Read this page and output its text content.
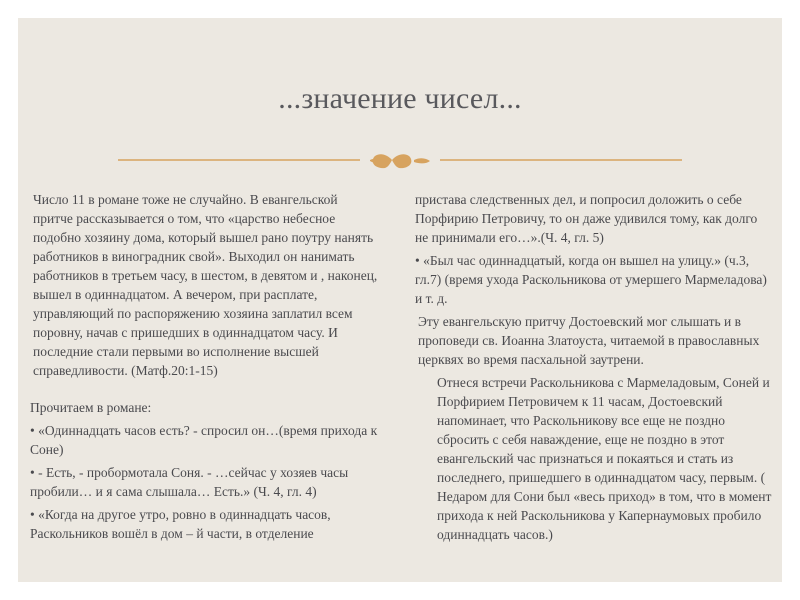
...значение чисел...

Число 11 в романе тоже не случайно. В евангельской притче рассказывается о том, что «царство небесное подобно хозяину дома, который вышел рано поутру нанять работников в виноградник свой». Выходил он нанимать работников в третьем часу, в шестом, в девятом и , наконец, вышел в одиннадцатом. А вечером, при расплате, управляющий по распоряжению хозяина заплатил всем поровну, начав с пришедших в одиннадцатом часу. И последние стали первыми во исполнение высшей справедливости. (Матф.20:1-15)

Прочитаем в романе:

• «Одиннадцать часов есть? - спросил он…(время прихода к Соне)

• - Есть, - пробормотала Соня. - …сейчас у хозяев часы пробили… и я сама слышала… Есть.» (Ч. 4, гл. 4)

• «Когда на другое утро, ровно в одиннадцать часов, Раскольников вошёл в дом – й части, в отделение

пристава следственных дел, и попросил доложить о себе Порфирию Петровичу, то он даже удивился тому, как долго не принимали его…».(Ч. 4, гл. 5)

• «Был час одиннадцатый, когда он вышел на улицу.» (ч.3, гл.7) (время ухода Раскольникова от умершего Мармеладова) и т. д.

Эту евангельскую притчу Достоевский мог слышать и в проповеди св. Иоанна Златоуста, читаемой в православных церквях во время пасхальной заутрени.

Отнеся встречи Раскольникова с Мармеладовым, Соней и Порфирием Петровичем к 11 часам, Достоевский напоминает, что Раскольникову все еще не поздно сбросить с себя наваждение, еще не поздно в этот евангельский час признаться и покаяться и стать из последнего, пришедшего в одиннадцатом часу, первым. ( Недаром для Сони был «весь приход» в том, что в момент прихода к ней Раскольникова у Капернаумовых пробило одиннадцать часов.)
